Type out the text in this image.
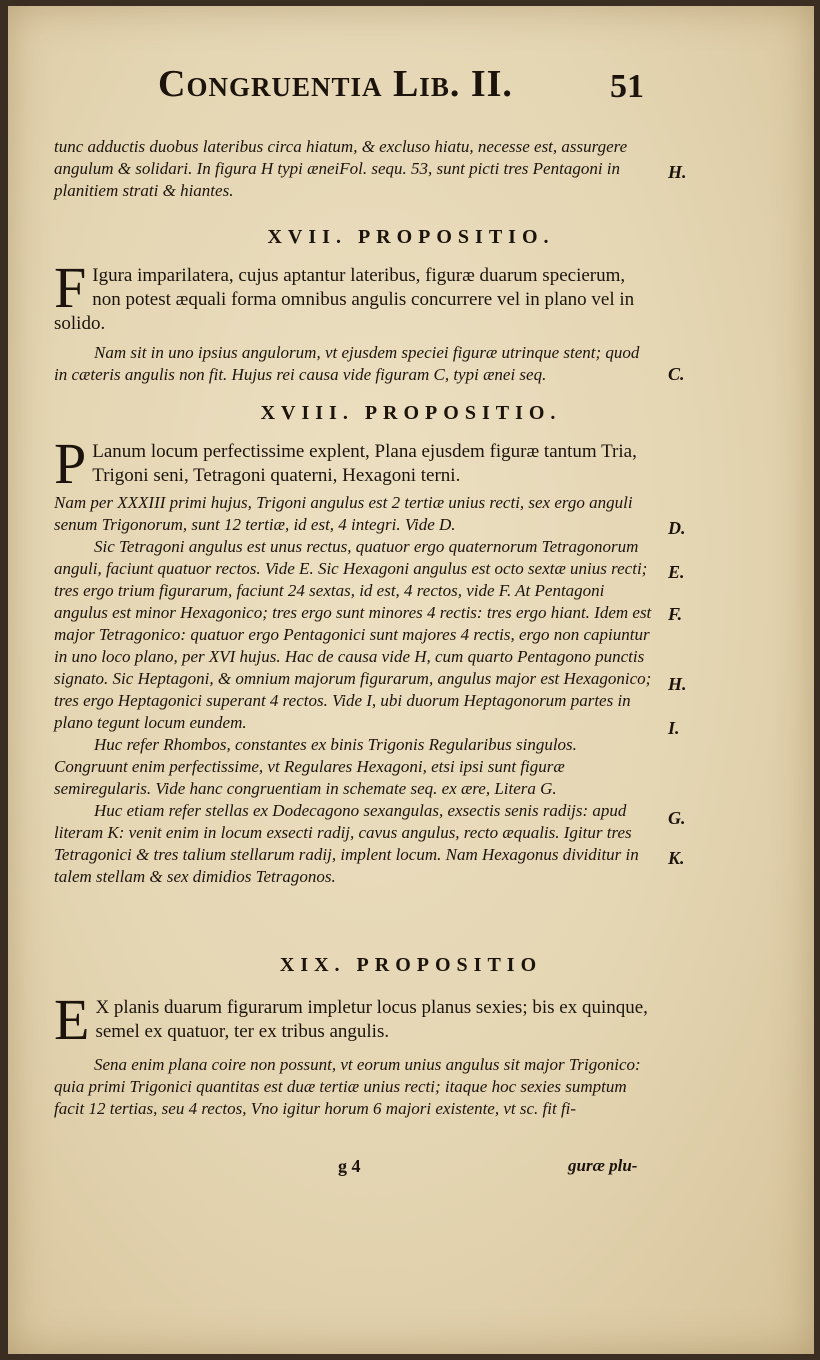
Congruentia Lib. II.	51

tunc adductis duobus lateribus circa hiatum, & excluso hiatu, necesse est, assurgere angulum & solidari. In figura H typi æneiFol. sequ. 53, sunt picti tres Pentagoni in planitiem strati & hiantes.

XVII. PROPOSITIO.

F Igura imparilatera, cujus aptantur lateribus, figuræ duarum specierum, non potest æquali forma omnibus angulis concurrere vel in plano vel in solido.

Nam sit in uno ipsius angulorum, vt ejusdem speciei figuræ utrinque stent; quod in cæteris angulis non fit. Hujus rei causa vide figuram C, typi ænei seq.

XVIII. PROPOSITIO.

P Lanum locum perfectissime explent, Plana ejusdem figuræ tantum Tria, Trigoni seni, Tetragoni quaterni, Hexagoni terni.

Nam per XXXIII primi hujus, Trigoni angulus est 2 tertiæ unius recti, sex ergo anguli senum Trigonorum, sunt 12 tertiæ, id est, 4 integri. Vide D.

Sic Tetragoni angulus est unus rectus, quatuor ergo quaternorum Tetragonorum anguli, faciunt quatuor rectos. Vide E. Sic Hexagoni angulus est octo sextæ unius recti; tres ergo trium figurarum, faciunt 24 sextas, id est, 4 rectos, vide F. At Pentagoni angulus est minor Hexagonico; tres ergo sunt minores 4 rectis: tres ergo hiant. Idem est major Tetragonico: quatuor ergo Pentagonici sunt majores 4 rectis, ergo non capiuntur in uno loco plano, per XVI hujus. Hac de causa vide H, cum quarto Pentagono punctis signato. Sic Heptagoni, & omnium majorum figurarum, angulus major est Hexagonico; tres ergo Heptagonici superant 4 rectos. Vide I, ubi duorum Heptagonorum partes in plano tegunt locum eundem.

Huc refer Rhombos, constantes ex binis Trigonis Regularibus singulos. Congruunt enim perfectissime, vt Regulares Hexagoni, etsi ipsi sunt figuræ semiregularis. Vide hanc congruentiam in schemate seq. ex ære, Litera G.

Huc etiam refer stellas ex Dodecagono sexangulas, exsectis senis radijs: apud literam K: venit enim in locum exsecti radij, cavus angulus, recto æqualis. Igitur tres Tetragonici & tres talium stellarum radij, implent locum. Nam Hexagonus dividitur in talem stellam & sex dimidios Tetragonos.

XIX. PROPOSITIO

E X planis duarum figurarum impletur locus planus sexies; bis ex quinque, semel ex quatuor, ter ex tribus angulis.

Sena enim plana coire non possunt, vt eorum unius angulus sit major Trigonico: quia primi Trigonici quantitas est duæ tertiæ unius recti; itaque hoc sexies sumptum facit 12 tertias, seu 4 rectos, Vno igitur horum 6 majori existente, vt sc. fit fi-

H.
C.
D.
E.
F.
H.
I.
G.
K.
g 4	guræ plu-
